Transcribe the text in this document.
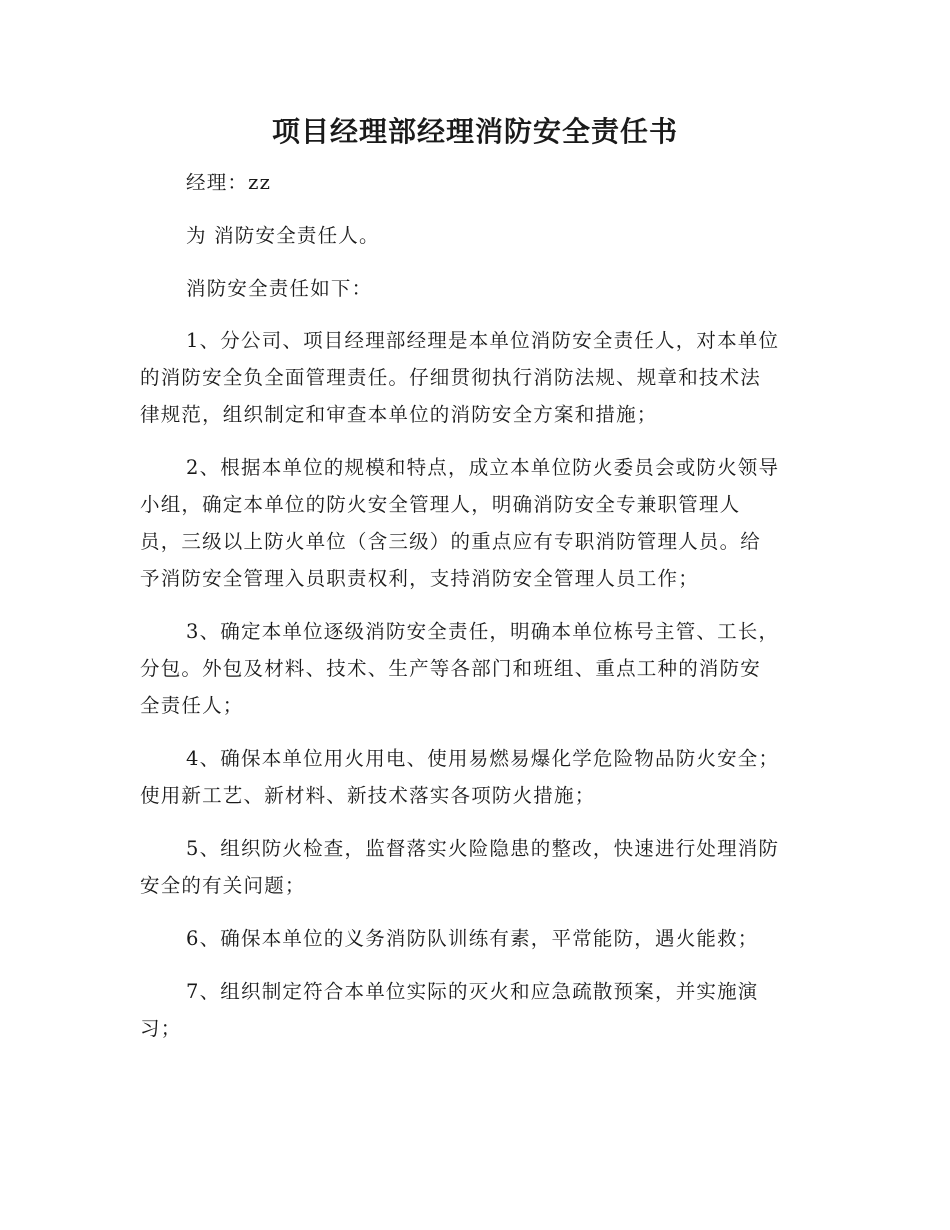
项目经理部经理消防安全责任书

经理：zz

为 消防安全责任人。

消防安全责任如下：

1、分公司、项目经理部经理是本单位消防安全责任人，对本单位

的消防安全负全面管理责任。仔细贯彻执行消防法规、规章和技术法

律规范，组织制定和审查本单位的消防安全方案和措施；

2、根据本单位的规模和特点，成立本单位防火委员会或防火领导

小组，确定本单位的防火安全管理人，明确消防安全专兼职管理人

员，三级以上防火单位（含三级）的重点应有专职消防管理人员。给

予消防安全管理入员职责权利，支持消防安全管理人员工作；

3、确定本单位逐级消防安全责任，明确本单位栋号主管、工长，

分包。外包及材料、技术、生产等各部门和班组、重点工种的消防安

全责任人；

4、确保本单位用火用电、使用易燃易爆化学危险物品防火安全；

使用新工艺、新材料、新技术落实各项防火措施；

5、组织防火检查，监督落实火险隐患的整改，快速进行处理消防

安全的有关问题；

6、确保本单位的义务消防队训练有素，平常能防，遇火能救；

7、组织制定符合本单位实际的灭火和应急疏散预案，并实施演

习；
